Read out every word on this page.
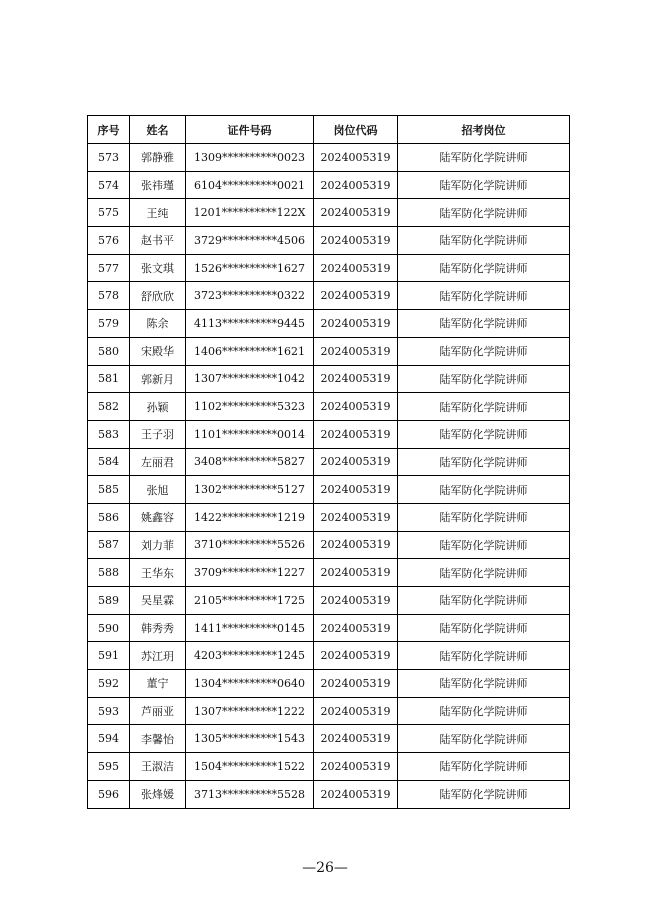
序号	姓名	证件号码	岗位代码	招考岗位
573	郭静雅	1309**********0023	2024005319	陆军防化学院讲师
574	张祎瑾	6104**********0021	2024005319	陆军防化学院讲师
575	王纯	1201**********122X	2024005319	陆军防化学院讲师
576	赵书平	3729**********4506	2024005319	陆军防化学院讲师
577	张文琪	1526**********1627	2024005319	陆军防化学院讲师
578	舒欣欣	3723**********0322	2024005319	陆军防化学院讲师
579	陈余	4113**********9445	2024005319	陆军防化学院讲师
580	宋殿华	1406**********1621	2024005319	陆军防化学院讲师
581	郭新月	1307**********1042	2024005319	陆军防化学院讲师
582	孙颖	1102**********5323	2024005319	陆军防化学院讲师
583	王子羽	1101**********0014	2024005319	陆军防化学院讲师
584	左丽君	3408**********5827	2024005319	陆军防化学院讲师
585	张旭	1302**********5127	2024005319	陆军防化学院讲师
586	姚鑫容	1422**********1219	2024005319	陆军防化学院讲师
587	刘力菲	3710**********5526	2024005319	陆军防化学院讲师
588	王华东	3709**********1227	2024005319	陆军防化学院讲师
589	吴星霖	2105**********1725	2024005319	陆军防化学院讲师
590	韩秀秀	1411**********0145	2024005319	陆军防化学院讲师
591	苏江玥	4203**********1245	2024005319	陆军防化学院讲师
592	董宁	1304**********0640	2024005319	陆军防化学院讲师
593	芦丽亚	1307**********1222	2024005319	陆军防化学院讲师
594	李馨怡	1305**********1543	2024005319	陆军防化学院讲师
595	王淑洁	1504**********1522	2024005319	陆军防化学院讲师
596	张烽媛	3713**********5528	2024005319	陆军防化学院讲师
—26—
